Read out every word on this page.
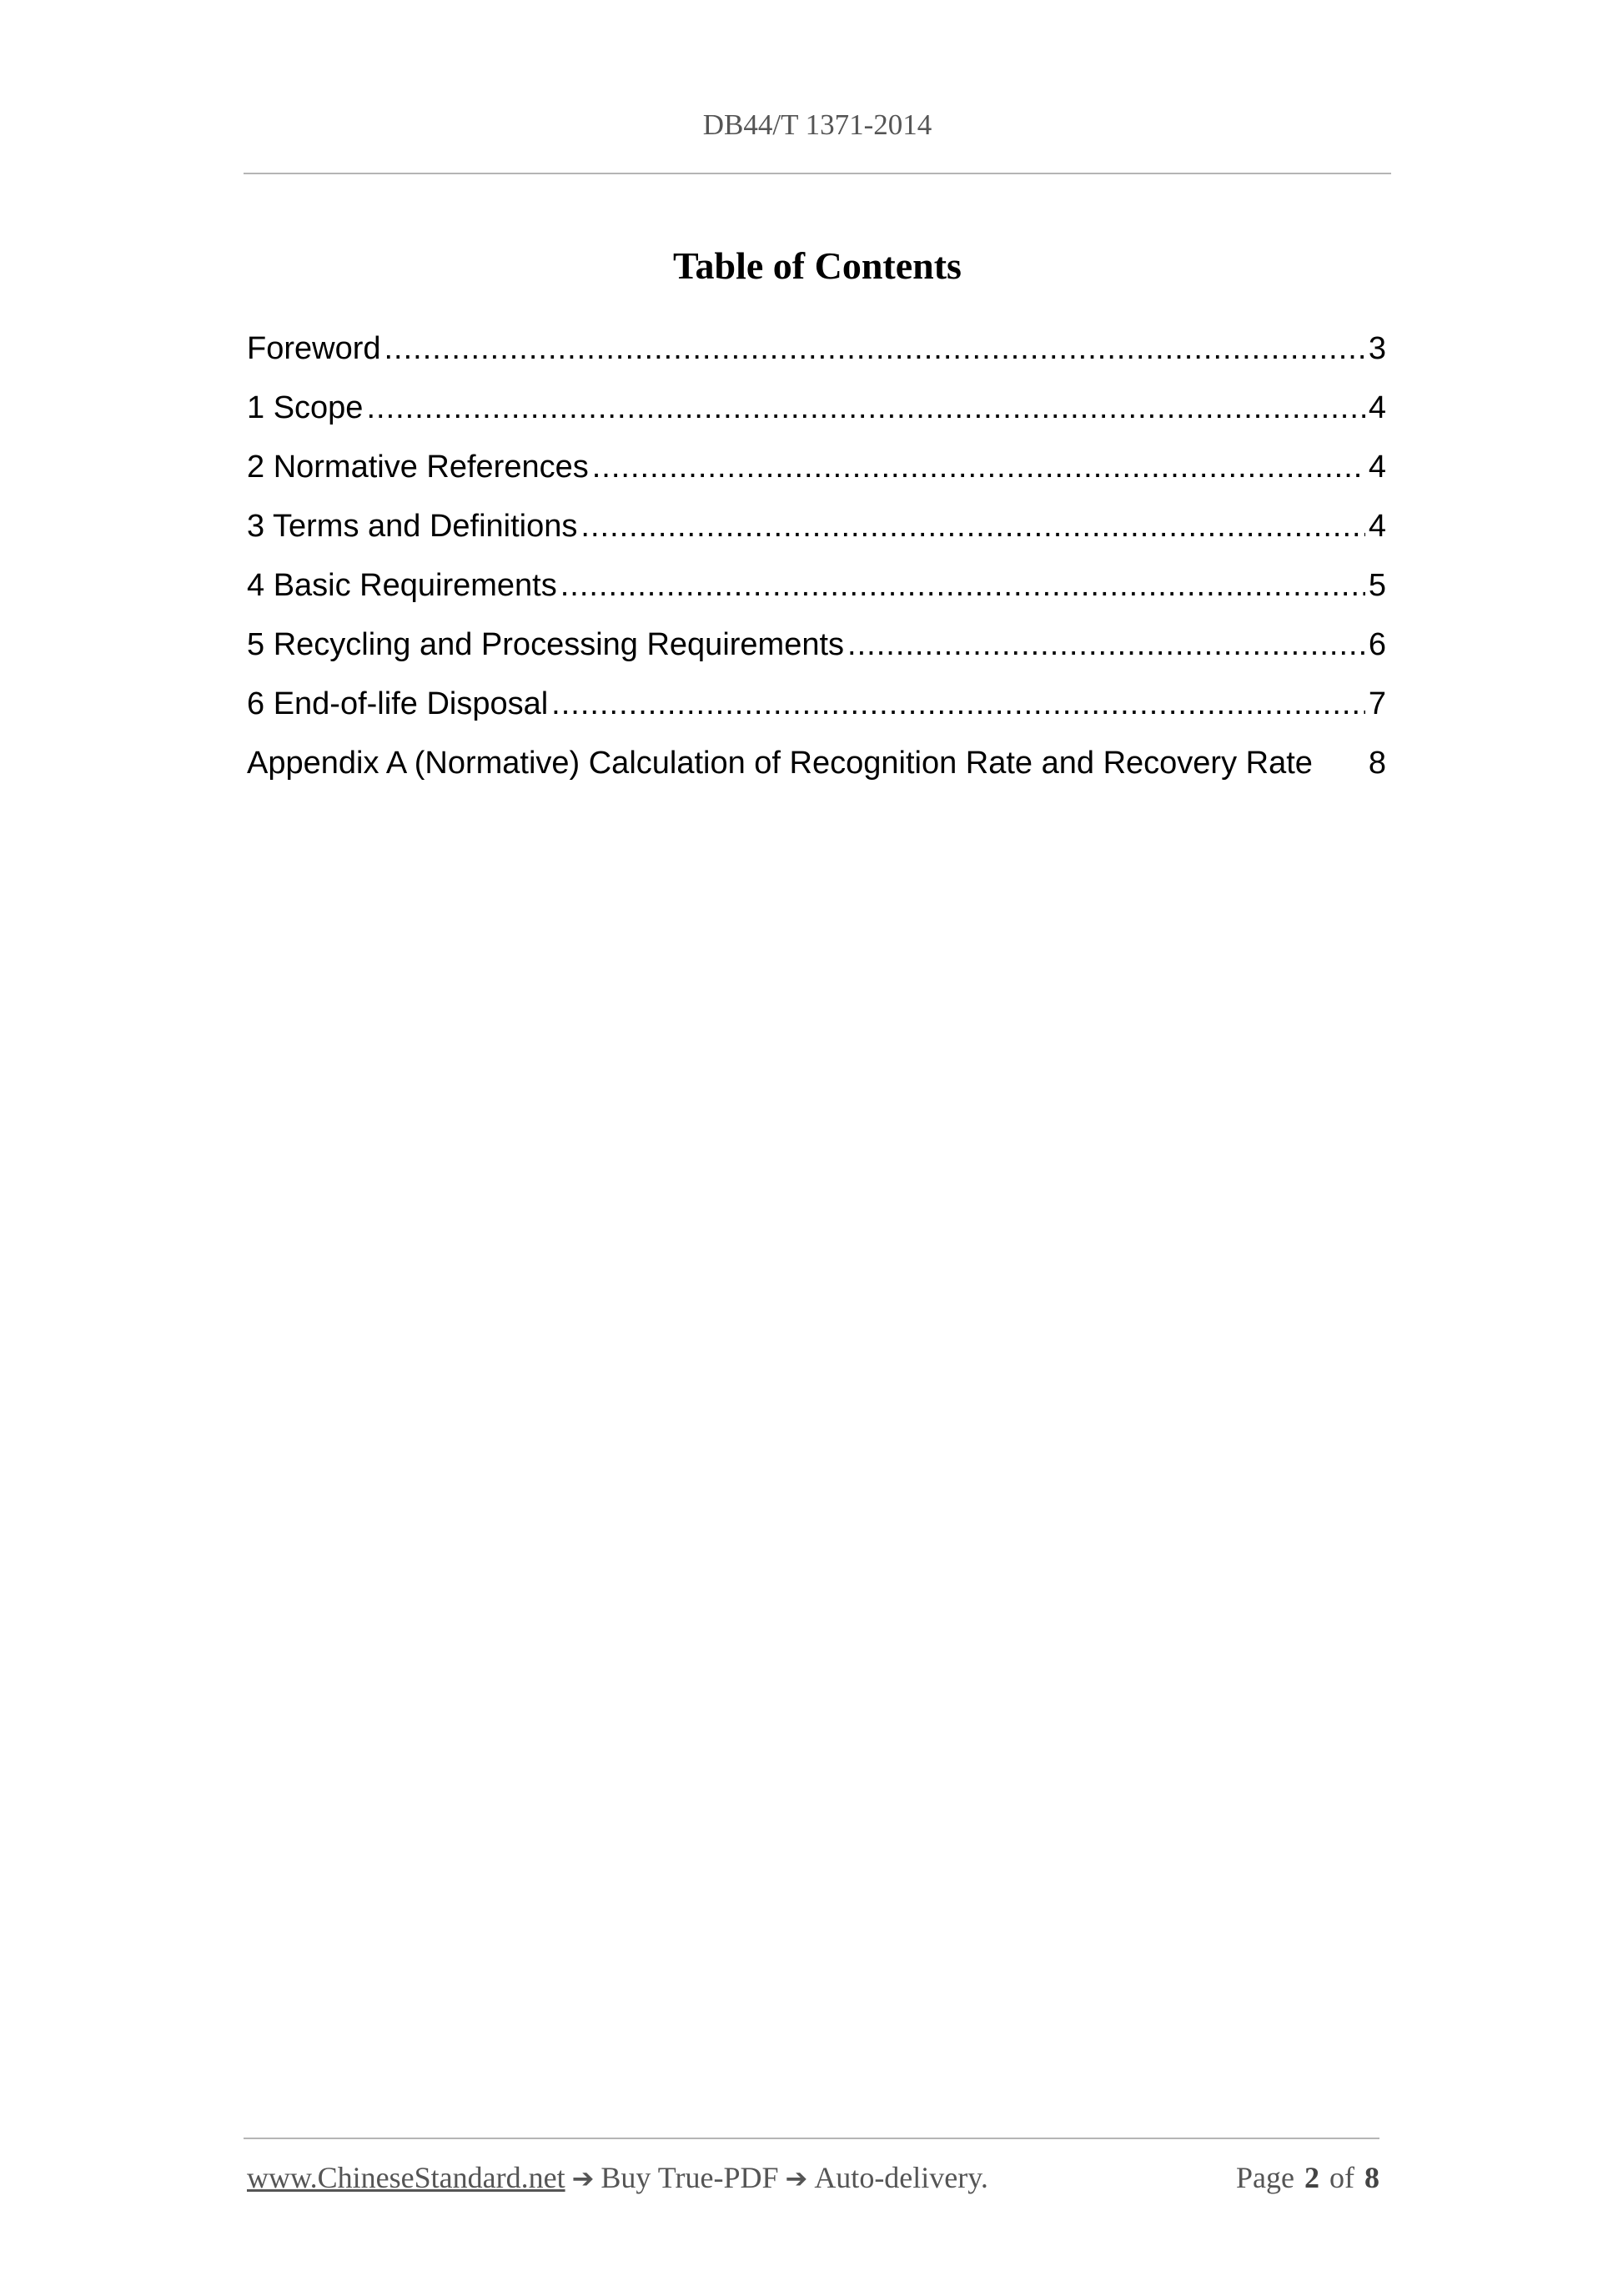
DB44/T 1371-2014
Table of Contents
Foreword .....	3
1 Scope .....	4
2 Normative References .....	4
3 Terms and Definitions .....	4
4 Basic Requirements .....	5
5 Recycling and Processing Requirements .....	6
6 End-of-life Disposal .....	7
Appendix A (Normative) Calculation of Recognition Rate and Recovery Rate 8
www.ChineseStandard.net ➔ Buy True-PDF ➔ Auto-delivery.	Page 2 of 8
